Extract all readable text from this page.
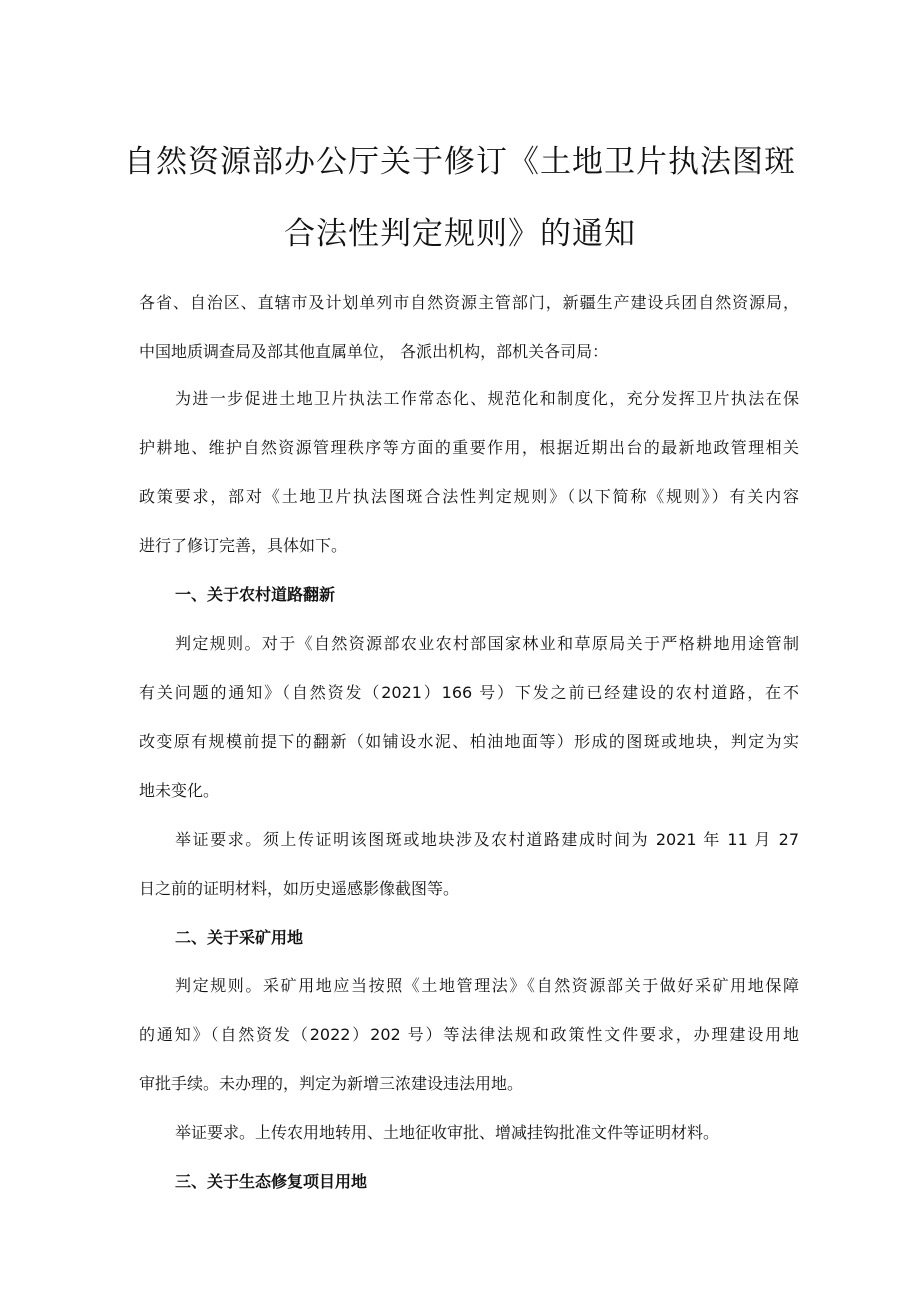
自然资源部办公厅关于修订《土地卫片执法图斑
合法性判定规则》的通知
各省、自治区、直辖市及计划单列市自然资源主管部门，新疆生产建设兵团自然资源局，
中国地质调查局及部其他直属单位， 各派出机构，部机关各司局：
为进一步促进土地卫片执法工作常态化、规范化和制度化，充分发挥卫片执法在保
护耕地、维护自然资源管理秩序等方面的重要作用，根据近期出台的最新地政管理相关
政策要求，部对《土地卫片执法图斑合法性判定规则》（以下简称《规则》）有关内容
进行了修订完善，具体如下。
一、关于农村道路翻新
判定规则。对于《自然资源部农业农村部国家林业和草原局关于严格耕地用途管制
有关问题的通知》（自然资发（2021）166 号）下发之前已经建设的农村道路，在不
改变原有规模前提下的翻新（如铺设水泥、柏油地面等）形成的图斑或地块，判定为实
地未变化。
举证要求。须上传证明该图斑或地块涉及农村道路建成时间为 2021 年 11 月 27
日之前的证明材料，如历史遥感影像截图等。
二、关于采矿用地
判定规则。采矿用地应当按照《土地管理法》《自然资源部关于做好采矿用地保障
的通知》（自然资发（2022）202 号）等法律法规和政策性文件要求，办理建设用地
审批手续。未办理的，判定为新增三浓建设违法用地。
举证要求。上传农用地转用、土地征收审批、增减挂钩批准文件等证明材料。
三、关于生态修复项目用地
